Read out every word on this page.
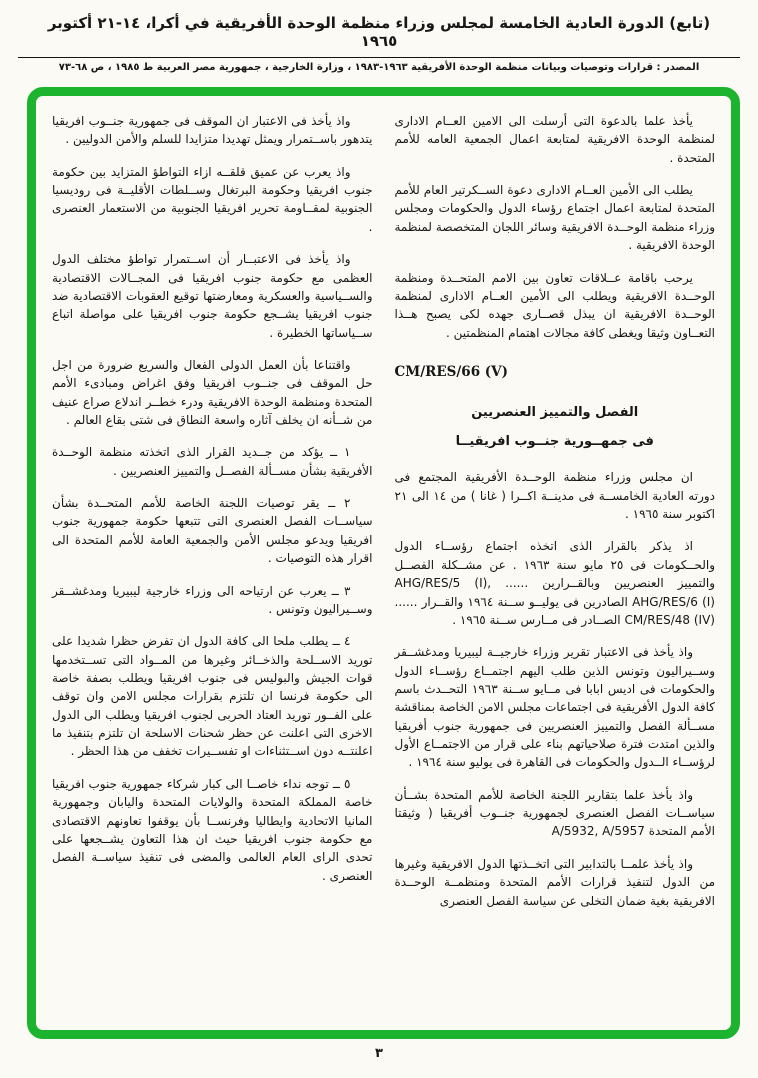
(تابع) الدورة العادية الخامسة لمجلس وزراء منظمة الوحدة الأفريقية في أكرا، ١٤-٢١ أكتوبر ١٩٦٥
المصدر : قرارات وتوصيات وبيانات منظمة الوحدة الأفريقية ١٩٦٣-١٩٨٣ ، وزارة الخارجية ، جمهورية مصر العربية ط ١٩٨٥ ، ص ٦٨-٧٣

يأخذ علما بالدعوة التى أرسلت الى الامين العــام الادارى لمنظمة الوحدة الافريقية لمتابعة اعمال الجمعية العامه للأمم المتحدة .

يطلب الى الأمين العــام الادارى دعوة الســكرتير العام للأمم المتحدة لمتابعة اعمال اجتماع رؤساء الدول والحكومات ومجلس وزراء منظمة الوحــدة الافريقية وسائر اللجان المتخصصة لمنظمة الوحدة الافريقية .

يرحب باقامة عــلاقات تعاون بين الامم المتحــدة ومنظمة الوحــدة الافريقية ويطلب الى الأمين العــام الادارى لمنظمة الوحــدة الافريقية ان يبذل قصــارى جهده لكى يصبح هــذا التعــاون وثيقا ويغطى كافة مجالات اهتمام المنظمتين .

CM/RES/66 (V)
الفصل والتمييز العنصريين
فى جمهــورية جنــوب افريقيــا

ان مجلس وزراء منظمة الوحــدة الأفريقية المجتمع فى دورته العادية الخامســة فى مدينــة اكــرا ( غانا ) من ١٤ الى ٢١ اكتوبر سنة ١٩٦٥ .

اذ يذكر بالقرار الذى اتخذه اجتماع رؤســاء الدول والحــكومات فى ٢٥ مايو سنة ١٩٦٣ . عن مشــكلة الفصــل والتمييز العنصريين وبالقــرارين ...... AHG/RES/5 (I), AHG/RES/6 (I) الصادرين فى يوليــو ســنة ١٩٦٤ والقــرار ...... CM/RES/48 (IV) الصــادر فى مــارس ســنة ١٩٦٥ .

واذ يأخذ فى الاعتبار تقرير وزراء خارجيــة ليبيريا ومدغشــقر وســيراليون وتونس الذين طلب اليهم اجتمــاع رؤســاء الدول والحكومات فى اديس ابابا فى مــايو ســنة ١٩٦٣ التحــدث باسم كافة الدول الأفريقية فى اجتماعات مجلس الامن الخاصة بمناقشة مســألة الفصل والتمييز العنصريين فى جمهورية جنوب أفريقيا والذين امتدت فترة صلاحياتهم بناء على قرار من الاجتمــاع الأول لرؤســاء الــدول والحكومات فى القاهرة فى يوليو سنة ١٩٦٤ .

واذ يأخذ علما بتقارير اللجنة الخاصة للأمم المتحدة بشــأن سياســات الفصل العنصرى لجمهورية جنــوب أفريقيا ( وثيقتا الأمم المتحدة A/5932, A/5957

واذ يأخذ علمــا بالتدابير التى اتخــذتها الدول الافريقية وغيرها من الدول لتنفيذ قرارات الأمم المتحدة ومنظمــة الوحــدة الافريقية بغية ضمان التخلى عن سياسة الفصل العنصرى

واذ يأخذ فى الاعتبار ان الموقف فى جمهورية جنــوب افريقيا يتدهور باســتمرار ويمثل تهديدا متزايدا للسلم والأمن الدوليين .

واذ يعرب عن عميق قلقــه ازاء التواطؤ المتزايد بين حكومة جنوب افريقيا وحكومة البرتغال وســلطات الأقليــة فى روديسيا الجنوبية لمقــاومة تحرير افريقيا الجنوبية من الاستعمار العنصرى .

واذ يأخذ فى الاعتبــار أن اســتمرار تواطؤ مختلف الدول العظمى مع حكومة جنوب افريقيا فى المجــالات الاقتصادية والســياسية والعسكرية ومعارضتها توقيع العقوبات الاقتصادية ضد جنوب افريقيا يشــجع حكومة جنوب افريقيا على مواصلة اتباع ســياساتها الخطيرة .

واقتناعا بأن العمل الدولى الفعال والسريع ضرورة من اجل حل الموقف فى جنــوب افريقيا وفق اغراض ومبادىء الأمم المتحدة ومنظمة الوحدة الافريقية ودرء خطــر اندلاع صراع عنيف من شــأنه ان يخلف آثاره واسعة النطاق فى شتى بقاع العالم .

١ ــ يؤكد من جــديد القرار الذى اتخذته منظمة الوحــدة الأفريقية بشأن مســألة الفصــل والتمييز العنصريين .

٢ ــ يقر توصيات اللجنة الخاصة للأمم المتحــدة بشأن سياســات الفصل العنصرى التى تتبعها حكومة جمهورية جنوب افريقيا ويدعو مجلس الأمن والجمعية العامة للأمم المتحدة الى اقرار هذه التوصيات .

٣ ــ يعرب عن ارتياحه الى وزراء خارجية ليبيريا ومدغشــقر وســيراليون وتونس .

٤ ــ يطلب ملحا الى كافة الدول ان تفرض حظرا شديدا على توريد الاســلحة والذخــائر وغيرها من المــواد التى تســتخدمها قوات الجيش والبوليس فى جنوب افريقيا ويطلب بصفة خاصة الى حكومة فرنسا ان تلتزم بقرارات مجلس الامن وان توقف على الفــور توريد العتاد الحربى لجنوب افريقيا ويطلب الى الدول الاخرى التى اعلنت عن حظر شحنات الاسلحة ان تلتزم بتنفيذ ما اعلنتــه دون اســتثناءات او تفســيرات تخفف من هذا الحظر .

٥ ــ توجه نداء خاصــا الى كبار شركاء جمهورية جنوب افريقيا خاصة المملكة المتحدة والولايات المتحدة واليابان وجمهورية المانيا الاتحادية وايطاليا وفرنســا بأن يوقفوا تعاونهم الاقتصادى مع حكومة جنوب افريقيا حيث ان هذا التعاون يشــجعها على تحدى الراى العام العالمى والمضى فى تنفيذ سياســة الفصل العنصرى .

٣
